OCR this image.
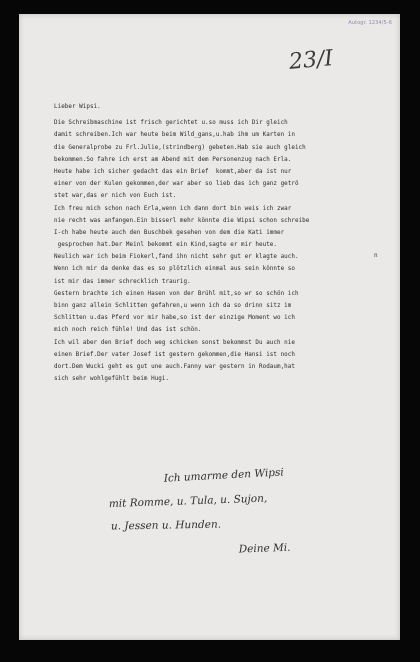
Autogr. 1234/5-6
23/I
Lieber Wipsi.
Die Schreibmaschine ist frisch gerichtet u.so muss ich Dir gleich
damit schreiben.Ich war heute beim Wild_gans,u.hab ihm um Karten in
die Generalprobe zu Frl.Julie,(strindberg) gebeten.Hab sie auch gleich
bekommen.So fahre ich erst am Abend mit dem Personenzug nach Erla.
Heute habe ich sicher gedacht das ein Brief  kommt,aber da ist nur
einer von der Kulen gekommen,der war aber so lieb das ich ganz getrö
stet war,das er nich von Euch ist.
Ich freu mich schon nach Erla,wenn ich dann dort bin weis ich zwar
nie recht was anfangen.Ein bisserl mehr könnte die Wipsi schon schreibe
I-ch habe heute auch den Buschbek gesehen von dem die Kati immer
gesprochen hat.Der Meinl bekommt ein Kind,sagte er mir heute.
Neulich war ich beim Fiokerl,fand ihn nicht sehr gut er klagte auch.
Wenn ich mir da denke das es so plötzlich einmal aus sein könnte so
ist mir das immer schrecklich traurig.
Gestern brachte ich einen Hasen von der Brühl mit,so wr so schön ich
binn ganz allein Schlitten gefahren,u wenn ich da so drinn sitz im
Schlitten u.das Pferd vor mir habe,so ist der einzige Moment wo ich
mich noch reich fühle! Und das ist schön.
Ich wil aber den Brief doch weg schicken sonst bekommst Du auch nie
einen Brief.Der vater Josef ist gestern gekommen,die Hansi ist noch
dort.Dem Wucki geht es gut une auch.Fanny war gestern in Rodaum,hat
sich sehr wohlgefühlt beim Hugi.
n
Ich umarme den Wipsi
mit Romme, u. Tula, u. Sujon,
u. Jessen u. Hunden.
Deine Mi.
